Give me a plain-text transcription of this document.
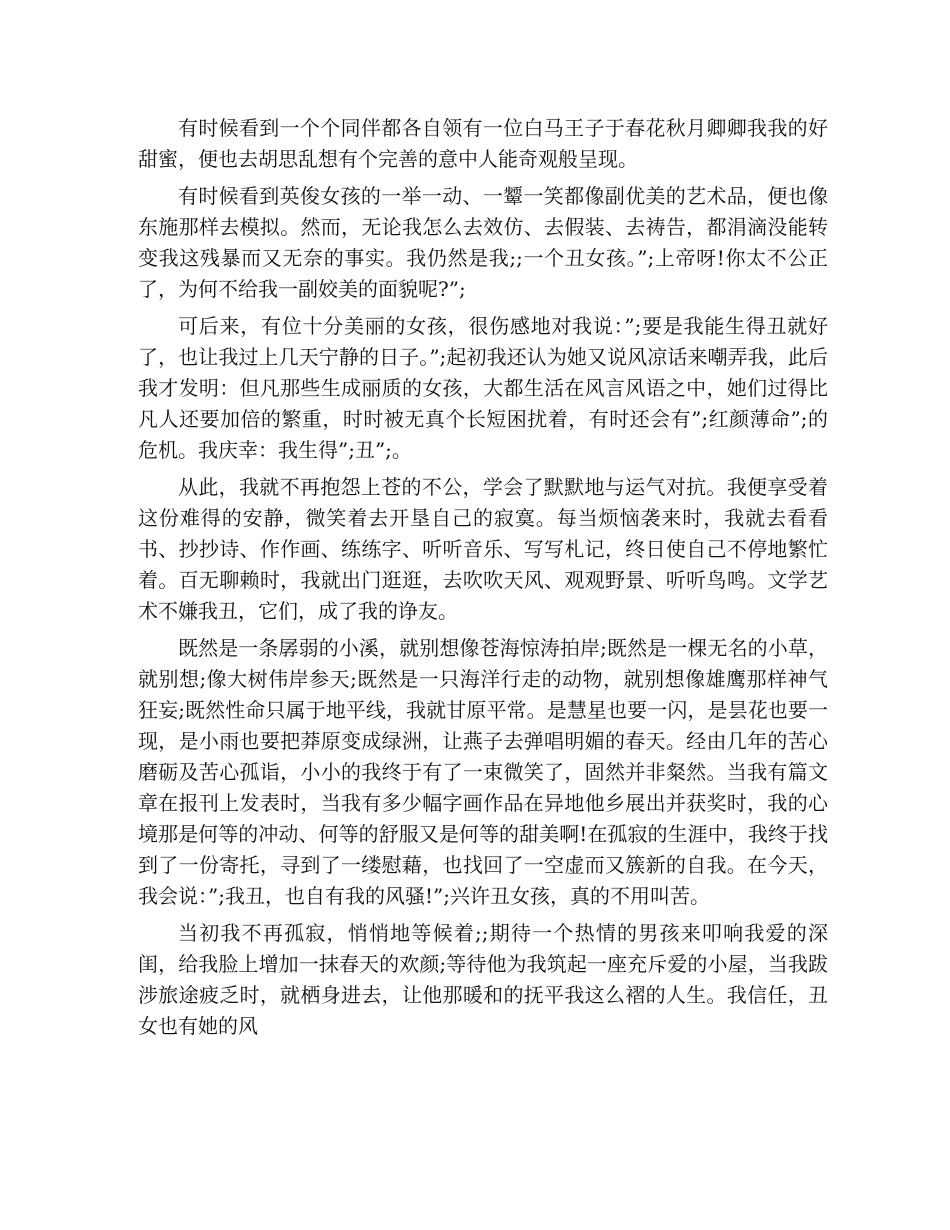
有时候看到一个个同伴都各自领有一位白马王子于春花秋月卿卿我我的好甜蜜，便也去胡思乱想有个完善的意中人能奇观般呈现。

有时候看到英俊女孩的一举一动、一颦一笑都像副优美的艺术品，便也像东施那样去模拟。然而，无论我怎么去效仿、去假装、去祷告，都涓滴没能转变我这残暴而又无奈的事实。我仍然是我;;一个丑女孩。”;上帝呀!你太不公正了，为何不给我一副姣美的面貌呢?”;

可后来，有位十分美丽的女孩，很伤感地对我说：”;要是我能生得丑就好了，也让我过上几天宁静的日子。”;起初我还认为她又说风凉话来嘲弄我，此后我才发明：但凡那些生成丽质的女孩，大都生活在风言风语之中，她们过得比凡人还要加倍的繁重，时时被无真个长短困扰着，有时还会有”;红颜薄命”;的危机。我庆幸：我生得”;丑”;。

从此，我就不再抱怨上苍的不公，学会了默默地与运气对抗。我便享受着这份难得的安静，微笑着去开垦自己的寂寞。每当烦恼袭来时，我就去看看书、抄抄诗、作作画、练练字、听听音乐、写写札记，终日使自己不停地繁忙着。百无聊赖时，我就出门逛逛，去吹吹天风、观观野景、听听鸟鸣。文学艺术不嫌我丑，它们，成了我的诤友。

既然是一条孱弱的小溪，就别想像苍海惊涛拍岸;既然是一棵无名的小草，就别想;像大树伟岸参天;既然是一只海洋行走的动物，就别想像雄鹰那样神气狂妄;既然性命只属于地平线，我就甘原平常。是慧星也要一闪，是昙花也要一现，是小雨也要把莽原变成绿洲，让燕子去弹唱明媚的春天。经由几年的苦心磨砺及苦心孤诣，小小的我终于有了一束微笑了，固然并非粲然。当我有篇文章在报刊上发表时，当我有多少幅字画作品在异地他乡展出并获奖时，我的心境那是何等的冲动、何等的舒服又是何等的甜美啊!在孤寂的生涯中，我终于找到了一份寄托，寻到了一缕慰藉，也找回了一空虚而又簇新的自我。在今天，我会说：”;我丑，也自有我的风骚!”;兴许丑女孩，真的不用叫苦。

当初我不再孤寂，悄悄地等候着;;期待一个热情的男孩来叩响我爱的深闺，给我脸上增加一抹春天的欢颜;等待他为我筑起一座充斥爱的小屋，当我跋涉旅途疲乏时，就栖身进去，让他那暖和的抚平我这么褶的人生。我信任，丑女也有她的风
